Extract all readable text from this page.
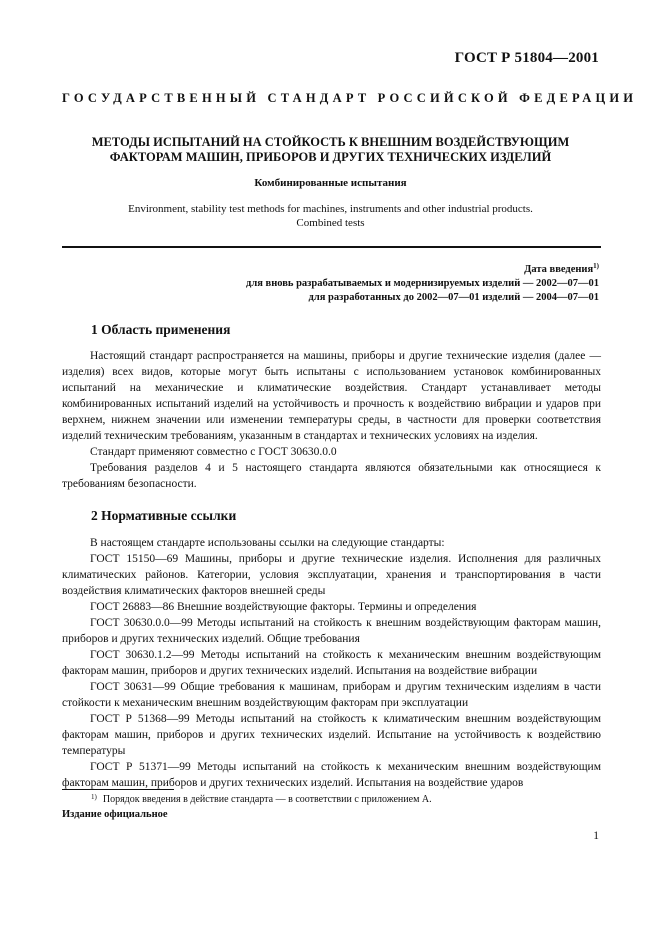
ГОСТ Р 51804—2001
ГОСУДАРСТВЕННЫЙ СТАНДАРТ РОССИЙСКОЙ ФЕДЕРАЦИИ
МЕТОДЫ ИСПЫТАНИЙ НА СТОЙКОСТЬ К ВНЕШНИМ ВОЗДЕЙСТВУЮЩИМ
ФАКТОРАМ МАШИН, ПРИБОРОВ И ДРУГИХ ТЕХНИЧЕСКИХ ИЗДЕЛИЙ
Комбинированные испытания
Environment, stability test methods for machines, instruments and other industrial products.
Combined tests
Дата введения$^{1)}$
для вновь разрабатываемых и модернизируемых изделий — 2002—07—01
для разработанных до 2002—07—01 изделий — 2004—07—01
1 Область применения

Настоящий стандарт распространяется на машины, приборы и другие технические изделия (далее — изделия) всех видов, которые могут быть испытаны с использованием установок комбинированных испытаний на механические и климатические воздействия. Стандарт устанавливает методы комбинированных испытаний изделий на устойчивость и прочность к воздействию вибрации и ударов при верхнем, нижнем значении или изменении температуры среды, в частности для проверки соответствия изделий техническим требованиям, указанным в стандартах и технических условиях на изделия.

Стандарт применяют совместно с ГОСТ 30630.0.0

Требования разделов 4 и 5 настоящего стандарта являются обязательными как относящиеся к требованиям безопасности.

2 Нормативные ссылки

В настоящем стандарте использованы ссылки на следующие стандарты:

ГОСТ 15150—69 Машины, приборы и другие технические изделия. Исполнения для различных климатических районов. Категории, условия эксплуатации, хранения и транспортирования в части воздействия климатических факторов внешней среды

ГОСТ 26883—86 Внешние воздействующие факторы. Термины и определения

ГОСТ 30630.0.0—99 Методы испытаний на стойкость к внешним воздействующим факторам машин, приборов и других технических изделий. Общие требования

ГОСТ 30630.1.2—99 Методы испытаний на стойкость к механическим внешним воздействующим факторам машин, приборов и других технических изделий. Испытания на воздействие вибрации

ГОСТ 30631—99 Общие требования к машинам, приборам и другим техническим изделиям в части стойкости к механическим внешним воздействующим факторам при эксплуатации

ГОСТ Р 51368—99 Методы испытаний на стойкость к климатическим внешним воздействующим факторам машин, приборов и других технических изделий. Испытание на устойчивость к воздействию температуры

ГОСТ Р 51371—99 Методы испытаний на стойкость к механическим внешним воздействующим факторам машин, приборов и других технических изделий. Испытания на воздействие ударов

$^{1)}$ Порядок введения в действие стандарта — в соответствии с приложением А.
Издание официальное
1
